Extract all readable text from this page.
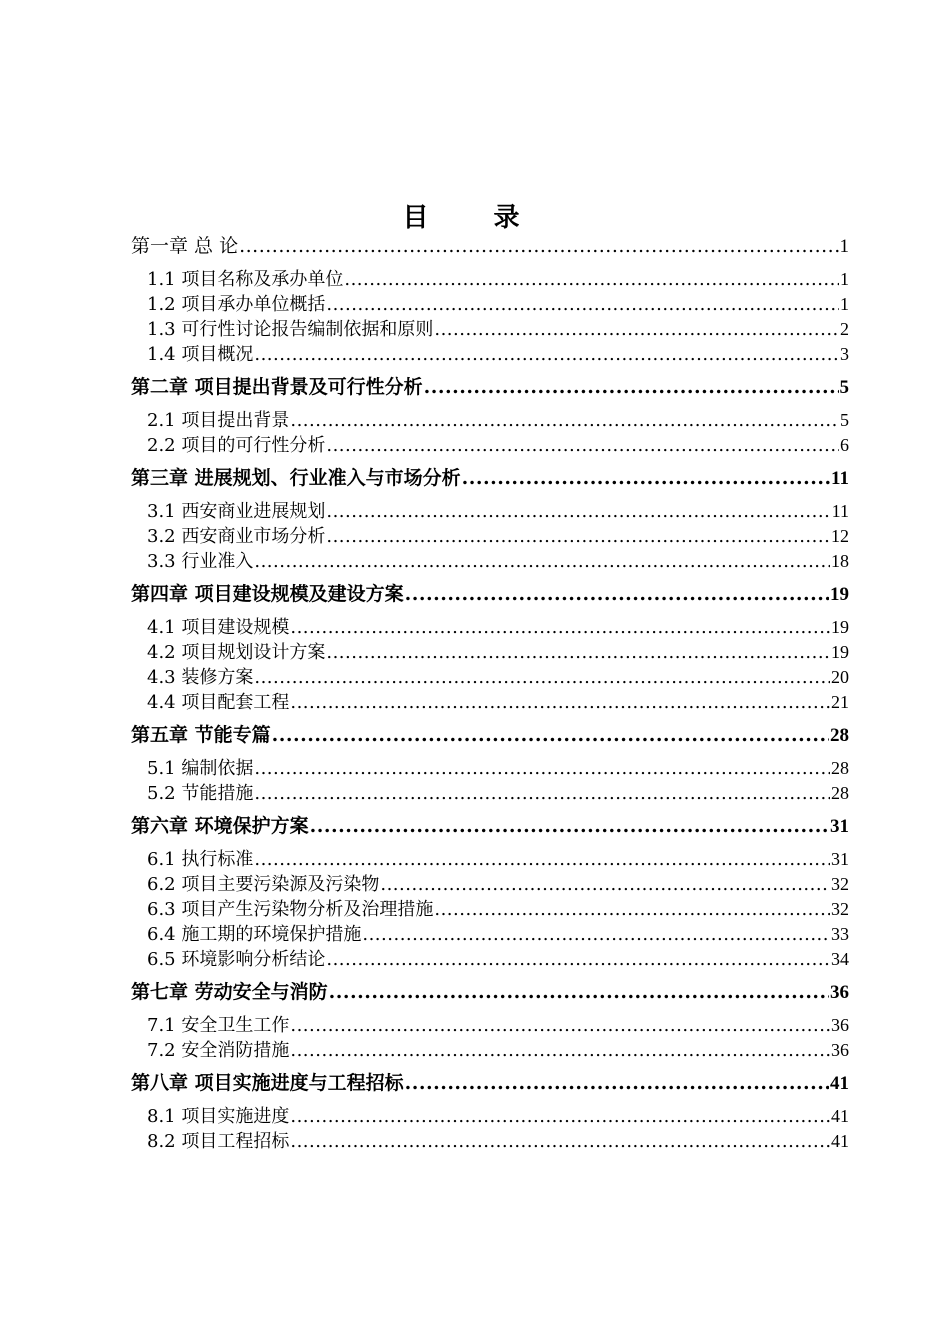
目 录
第一章 总 论 .....	1
1.1 项目名称及承办单位 .....	1
1.2 项目承办单位概括 .....	1
1.3 可行性讨论报告编制依据和原则 .....	2
1.4 项目概况 .....	3
第二章 项目提出背景及可行性分析 .....	5
2.1 项目提出背景 .....	5
2.2 项目的可行性分析 .....	6
第三章 进展规划、行业准入与市场分析 .....	11
3.1 西安商业进展规划 .....	11
3.2 西安商业市场分析 .....	12
3.3 行业准入 .....	18
第四章 项目建设规模及建设方案 .....	19
4.1 项目建设规模 .....	19
4.2 项目规划设计方案 .....	19
4.3 装修方案 .....	20
4.4 项目配套工程 .....	21
第五章 节能专篇 .....	28
5.1 编制依据 .....	28
5.2 节能措施 .....	28
第六章 环境保护方案 .....	31
6.1 执行标准 .....	31
6.2 项目主要污染源及污染物 .....	32
6.3 项目产生污染物分析及治理措施 .....	32
6.4 施工期的环境保护措施 .....	33
6.5 环境影响分析结论 .....	34
第七章 劳动安全与消防 .....	36
7.1 安全卫生工作 .....	36
7.2 安全消防措施 .....	36
第八章 项目实施进度与工程招标 .....	41
8.1 项目实施进度 .....	41
8.2 项目工程招标 .....	41
